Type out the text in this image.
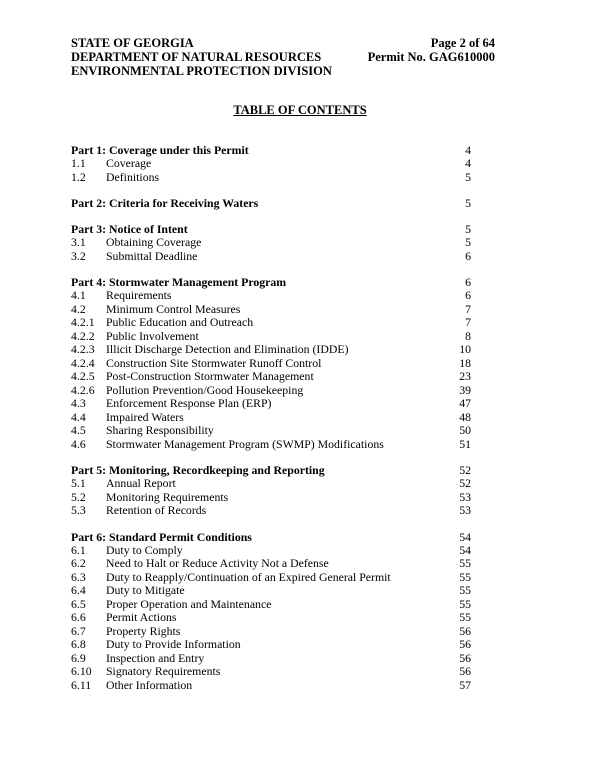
STATE OF GEORGIA	Page 2 of 64
DEPARTMENT OF NATURAL RESOURCES	Permit No. GAG610000
ENVIRONMENTAL PROTECTION DIVISION
TABLE OF CONTENTS
Part 1: Coverage under this Permit	4
1.1	Coverage	4
1.2	Definitions	5
Part 2: Criteria for Receiving Waters	5
Part 3: Notice of Intent	5
3.1	Obtaining Coverage	5
3.2	Submittal Deadline	6
Part 4: Stormwater Management Program	6
4.1	Requirements	6
4.2	Minimum Control Measures	7
4.2.1 Public Education and Outreach	7
4.2.2 Public Involvement	8
4.2.3 Illicit Discharge Detection and Elimination (IDDE)	10
4.2.4 Construction Site Stormwater Runoff Control	18
4.2.5 Post-Construction Stormwater Management	23
4.2.6 Pollution Prevention/Good Housekeeping	39
4.3	Enforcement Response Plan (ERP)	47
4.4	Impaired Waters	48
4.5	Sharing Responsibility	50
4.6	Stormwater Management Program (SWMP) Modifications	51
Part 5: Monitoring, Recordkeeping and Reporting	52
5.1	Annual Report	52
5.2	Monitoring Requirements	53
5.3	Retention of Records	53
Part 6: Standard Permit Conditions	54
6.1	Duty to Comply	54
6.2	Need to Halt or Reduce Activity Not a Defense	55
6.3	Duty to Reapply/Continuation of an Expired General Permit	55
6.4	Duty to Mitigate	55
6.5	Proper Operation and Maintenance	55
6.6	Permit Actions	55
6.7	Property Rights	56
6.8	Duty to Provide Information	56
6.9	Inspection and Entry	56
6.10	Signatory Requirements	56
6.11	Other Information	57
